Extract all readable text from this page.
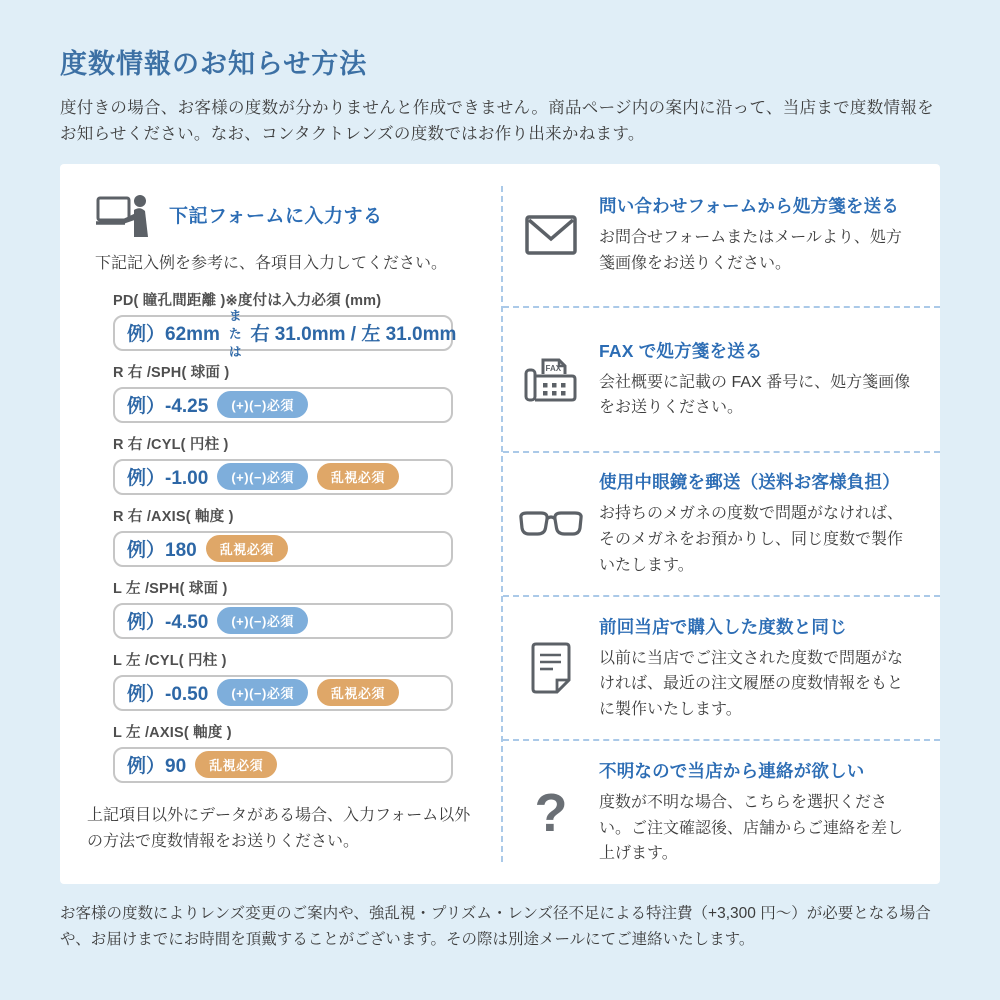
度数情報のお知らせ方法

度付きの場合、お客様の度数が分かりませんと作成できません。商品ページ内の案内に沿って、当店まで度数情報をお知らせください。なお、コンタクトレンズの度数ではお作り出来かねます。

下記フォームに入力する

下記記入例を参考に、各項目入力してください。

PD( 瞳孔間距離 )※度付は入力必須 (mm)
例）62mm
または
右 31.0mm / 左 31.0mm
R 右 /SPH( 球面 )
例）-4.25	(+)(−)必須
R 右 /CYL( 円柱 )
例）-1.00	(+)(−)必須	乱視必須
R 右 /AXIS( 軸度 )
例）180	乱視必須
L 左 /SPH( 球面 )
例）-4.50	(+)(−)必須
L 左 /CYL( 円柱 )
例）-0.50	(+)(−)必須	乱視必須
L 左 /AXIS( 軸度 )
例）90	乱視必須

上記項目以外にデータがある場合、入力フォーム以外の方法で度数情報をお送りください。

問い合わせフォームから処方箋を送る
お問合せフォームまたはメールより、処方箋画像をお送りください。
FAX
FAX で処方箋を送る
会社概要に記載の FAX 番号に、処方箋画像をお送りください。
使用中眼鏡を郵送（送料お客様負担）
お持ちのメガネの度数で問題がなければ、そのメガネをお預かりし、同じ度数で製作いたします。
前回当店で購入した度数と同じ
以前に当店でご注文された度数で問題がなければ、最近の注文履歴の度数情報をもとに製作いたします。
?
不明なので当店から連絡が欲しい
度数が不明な場合、こちらを選択ください。ご注文確認後、店舗からご連絡を差し上げます。

お客様の度数によりレンズ変更のご案内や、強乱視・プリズム・レンズ径不足による特注費（+3,300 円〜）が必要となる場合や、お届けまでにお時間を頂戴することがございます。その際は別途メールにてご連絡いたします。
